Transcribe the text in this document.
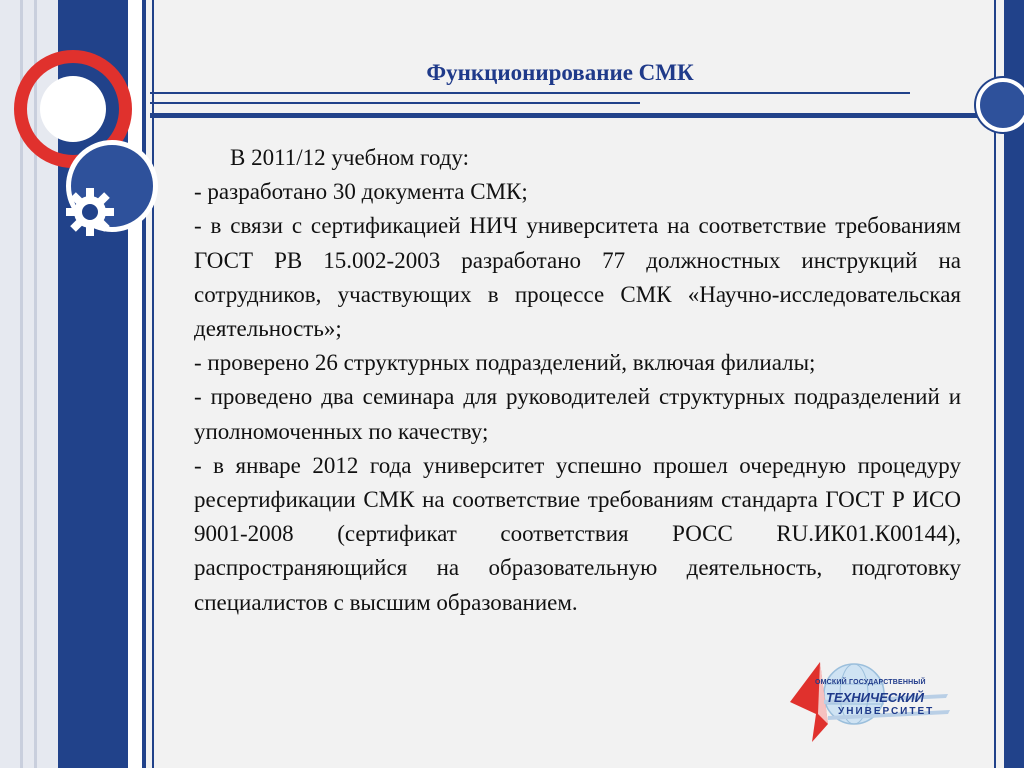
Функционирование СМК

В 2011/12 учебном году:

- разработано 30 документа СМК;

- в связи с сертификацией НИЧ университета на соответствие требованиям ГОСТ РВ 15.002-2003 разработано 77 должностных инструкций на сотрудников, участвующих в процессе СМК «Научно-исследовательская деятельность»;

- проверено 26 структурных подразделений, включая филиалы;

- проведено два семинара для руководителей структурных подразделений и уполномоченных по качеству;

- в январе 2012 года университет успешно прошел очередную процедуру ресертификации СМК на соответствие требованиям стандарта ГОСТ Р ИСО 9001-2008 (сертификат соответствия РОСС RU.ИК01.К00144), распространяющийся на образовательную деятельность, подготовку специалистов с высшим образованием.

ОМСКИЙ ГОСУДАРСТВЕННЫЙ
ТЕХНИЧЕСКИЙ
УНИВЕРСИТЕТ
